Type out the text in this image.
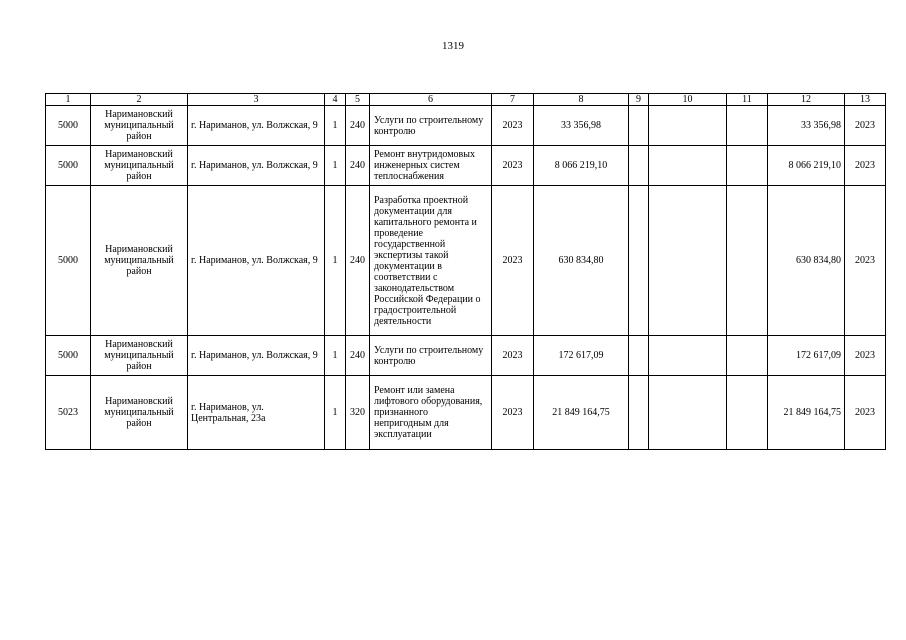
1319
1	2	3	4	5	6	7	8	9	10	11	12	13
5000	Наримановский муниципальный район	г. Нариманов, ул. Волжская, 9	1	240	Услуги по строительному контролю	2023	33 356,98				33 356,98	2023
5000	Наримановский муниципальный район	г. Нариманов, ул. Волжская, 9	1	240	Ремонт внутридомовых инженерных систем теплоснабжения	2023	8 066 219,10				8 066 219,10	2023
5000	Наримановский муниципальный район	г. Нариманов, ул. Волжская, 9	1	240	Разработка проектной документации для капитального ремонта и проведение государственной экспертизы такой документации в соответствии с законодательством Российской Федерации о градостроительной деятельности	2023	630 834,80				630 834,80	2023
5000	Наримановский муниципальный район	г. Нариманов, ул. Волжская, 9	1	240	Услуги по строительному контролю	2023	172 617,09				172 617,09	2023
5023	Наримановский муниципальный район	г. Нариманов, ул. Центральная, 23а	1	320	Ремонт или замена лифтового оборудования, признанного непригодным для эксплуатации	2023	21 849 164,75				21 849 164,75	2023
